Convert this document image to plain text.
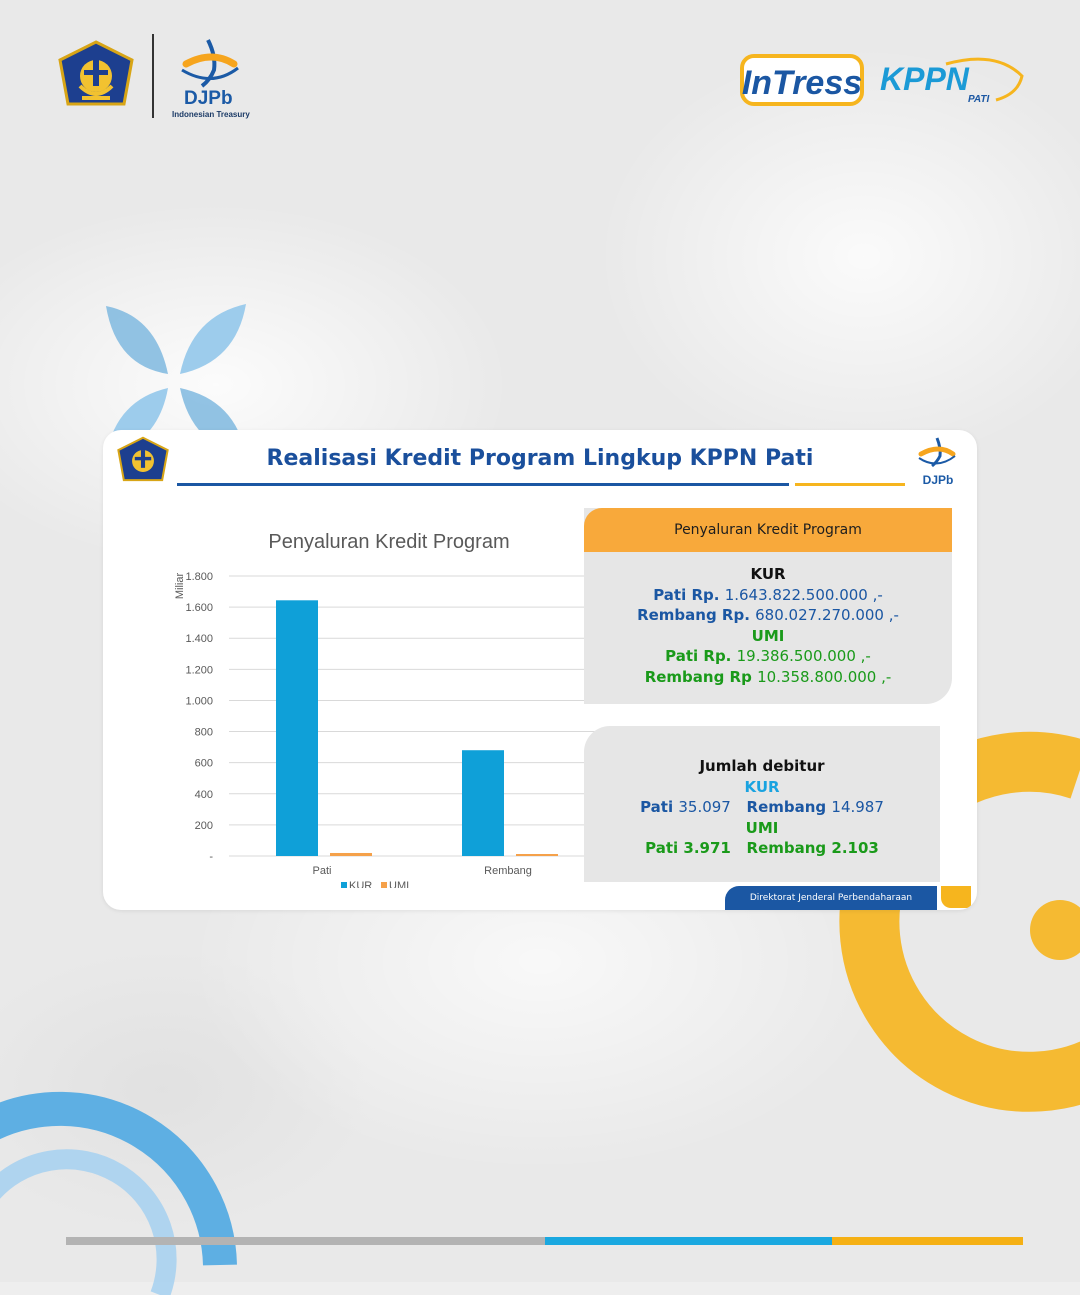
DJPb
Indonesian Treasury
InTress KPPN
PATI
Realisasi Kredit Program Lingkup KPPN Pati
DJPb
Penyaluran Kredit Program
-
200
400
600
800
1.000
1.200
1.400
1.600
1.800
Pati	Rembang
Miliar
KUR UMI
Penyaluran Kredit Program
KUR
Pati Rp. 1.643.822.500.000 ,-
Rembang Rp. 680.027.270.000 ,-
UMI
Pati Rp. 19.386.500.000 ,-
Rembang Rp 10.358.800.000 ,-
Jumlah debitur
KUR
Pati 35.097 Rembang 14.987
UMI
Pati 3.971 Rembang 2.103
Direktorat Jenderal Perbendaharaan
